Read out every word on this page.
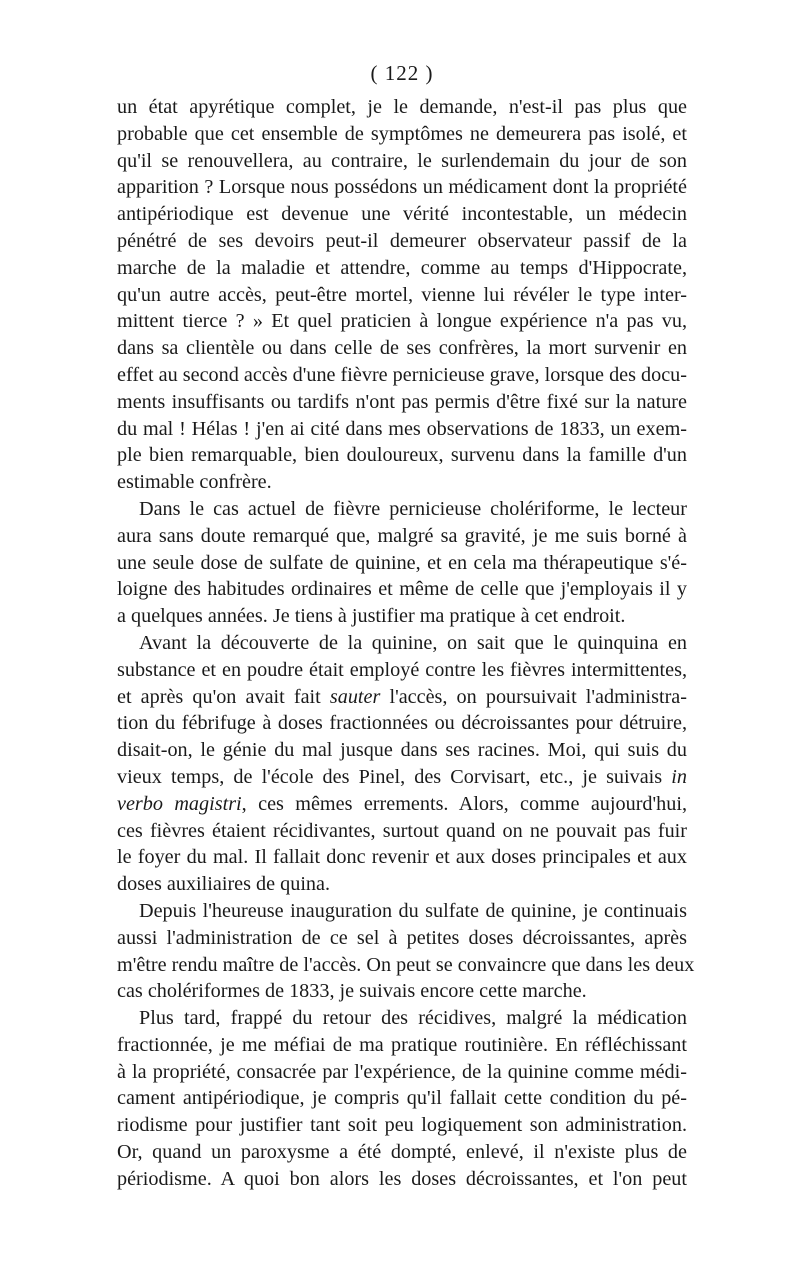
( 122 )
un état apyrétique complet, je le demande, n'est-il pas plus que
probable que cet ensemble de symptômes ne demeurera pas isolé, et
qu'il se renouvellera, au contraire, le surlendemain du jour de son
apparition ? Lorsque nous possédons un médicament dont la propriété
antipériodique est devenue une vérité incontestable, un médecin
pénétré de ses devoirs peut-il demeurer observateur passif de la
marche de la maladie et attendre, comme au temps d'Hippocrate,
qu'un autre accès, peut-être mortel, vienne lui révéler le type inter-
mittent tierce ? » Et quel praticien à longue expérience n'a pas vu,
dans sa clientèle ou dans celle de ses confrères, la mort survenir en
effet au second accès d'une fièvre pernicieuse grave, lorsque des docu-
ments insuffisants ou tardifs n'ont pas permis d'être fixé sur la nature
du mal ! Hélas ! j'en ai cité dans mes observations de 1833, un exem-
ple bien remarquable, bien douloureux, survenu dans la famille d'un
estimable confrère.
Dans le cas actuel de fièvre pernicieuse cholériforme, le lecteur
aura sans doute remarqué que, malgré sa gravité, je me suis borné à
une seule dose de sulfate de quinine, et en cela ma thérapeutique s'é-
loigne des habitudes ordinaires et même de celle que j'employais il y
a quelques années. Je tiens à justifier ma pratique à cet endroit.
Avant la découverte de la quinine, on sait que le quinquina en
substance et en poudre était employé contre les fièvres intermittentes,
et après qu'on avait fait sauter l'accès, on poursuivait l'administra-
tion du fébrifuge à doses fractionnées ou décroissantes pour détruire,
disait-on, le génie du mal jusque dans ses racines. Moi, qui suis du
vieux temps, de l'école des Pinel, des Corvisart, etc., je suivais in
verbo magistri, ces mêmes errements. Alors, comme aujourd'hui,
ces fièvres étaient récidivantes, surtout quand on ne pouvait pas fuir
le foyer du mal. Il fallait donc revenir et aux doses principales et aux
doses auxiliaires de quina.
Depuis l'heureuse inauguration du sulfate de quinine, je continuais
aussi l'administration de ce sel à petites doses décroissantes, après
m'être rendu maître de l'accès. On peut se convaincre que dans les deux
cas cholériformes de 1833, je suivais encore cette marche.
Plus tard, frappé du retour des récidives, malgré la médication
fractionnée, je me méfiai de ma pratique routinière. En réfléchissant
à la propriété, consacrée par l'expérience, de la quinine comme médi-
cament antipériodique, je compris qu'il fallait cette condition du pé-
riodisme pour justifier tant soit peu logiquement son administration.
Or, quand un paroxysme a été dompté, enlevé, il n'existe plus de
périodisme. A quoi bon alors les doses décroissantes, et l'on peut
